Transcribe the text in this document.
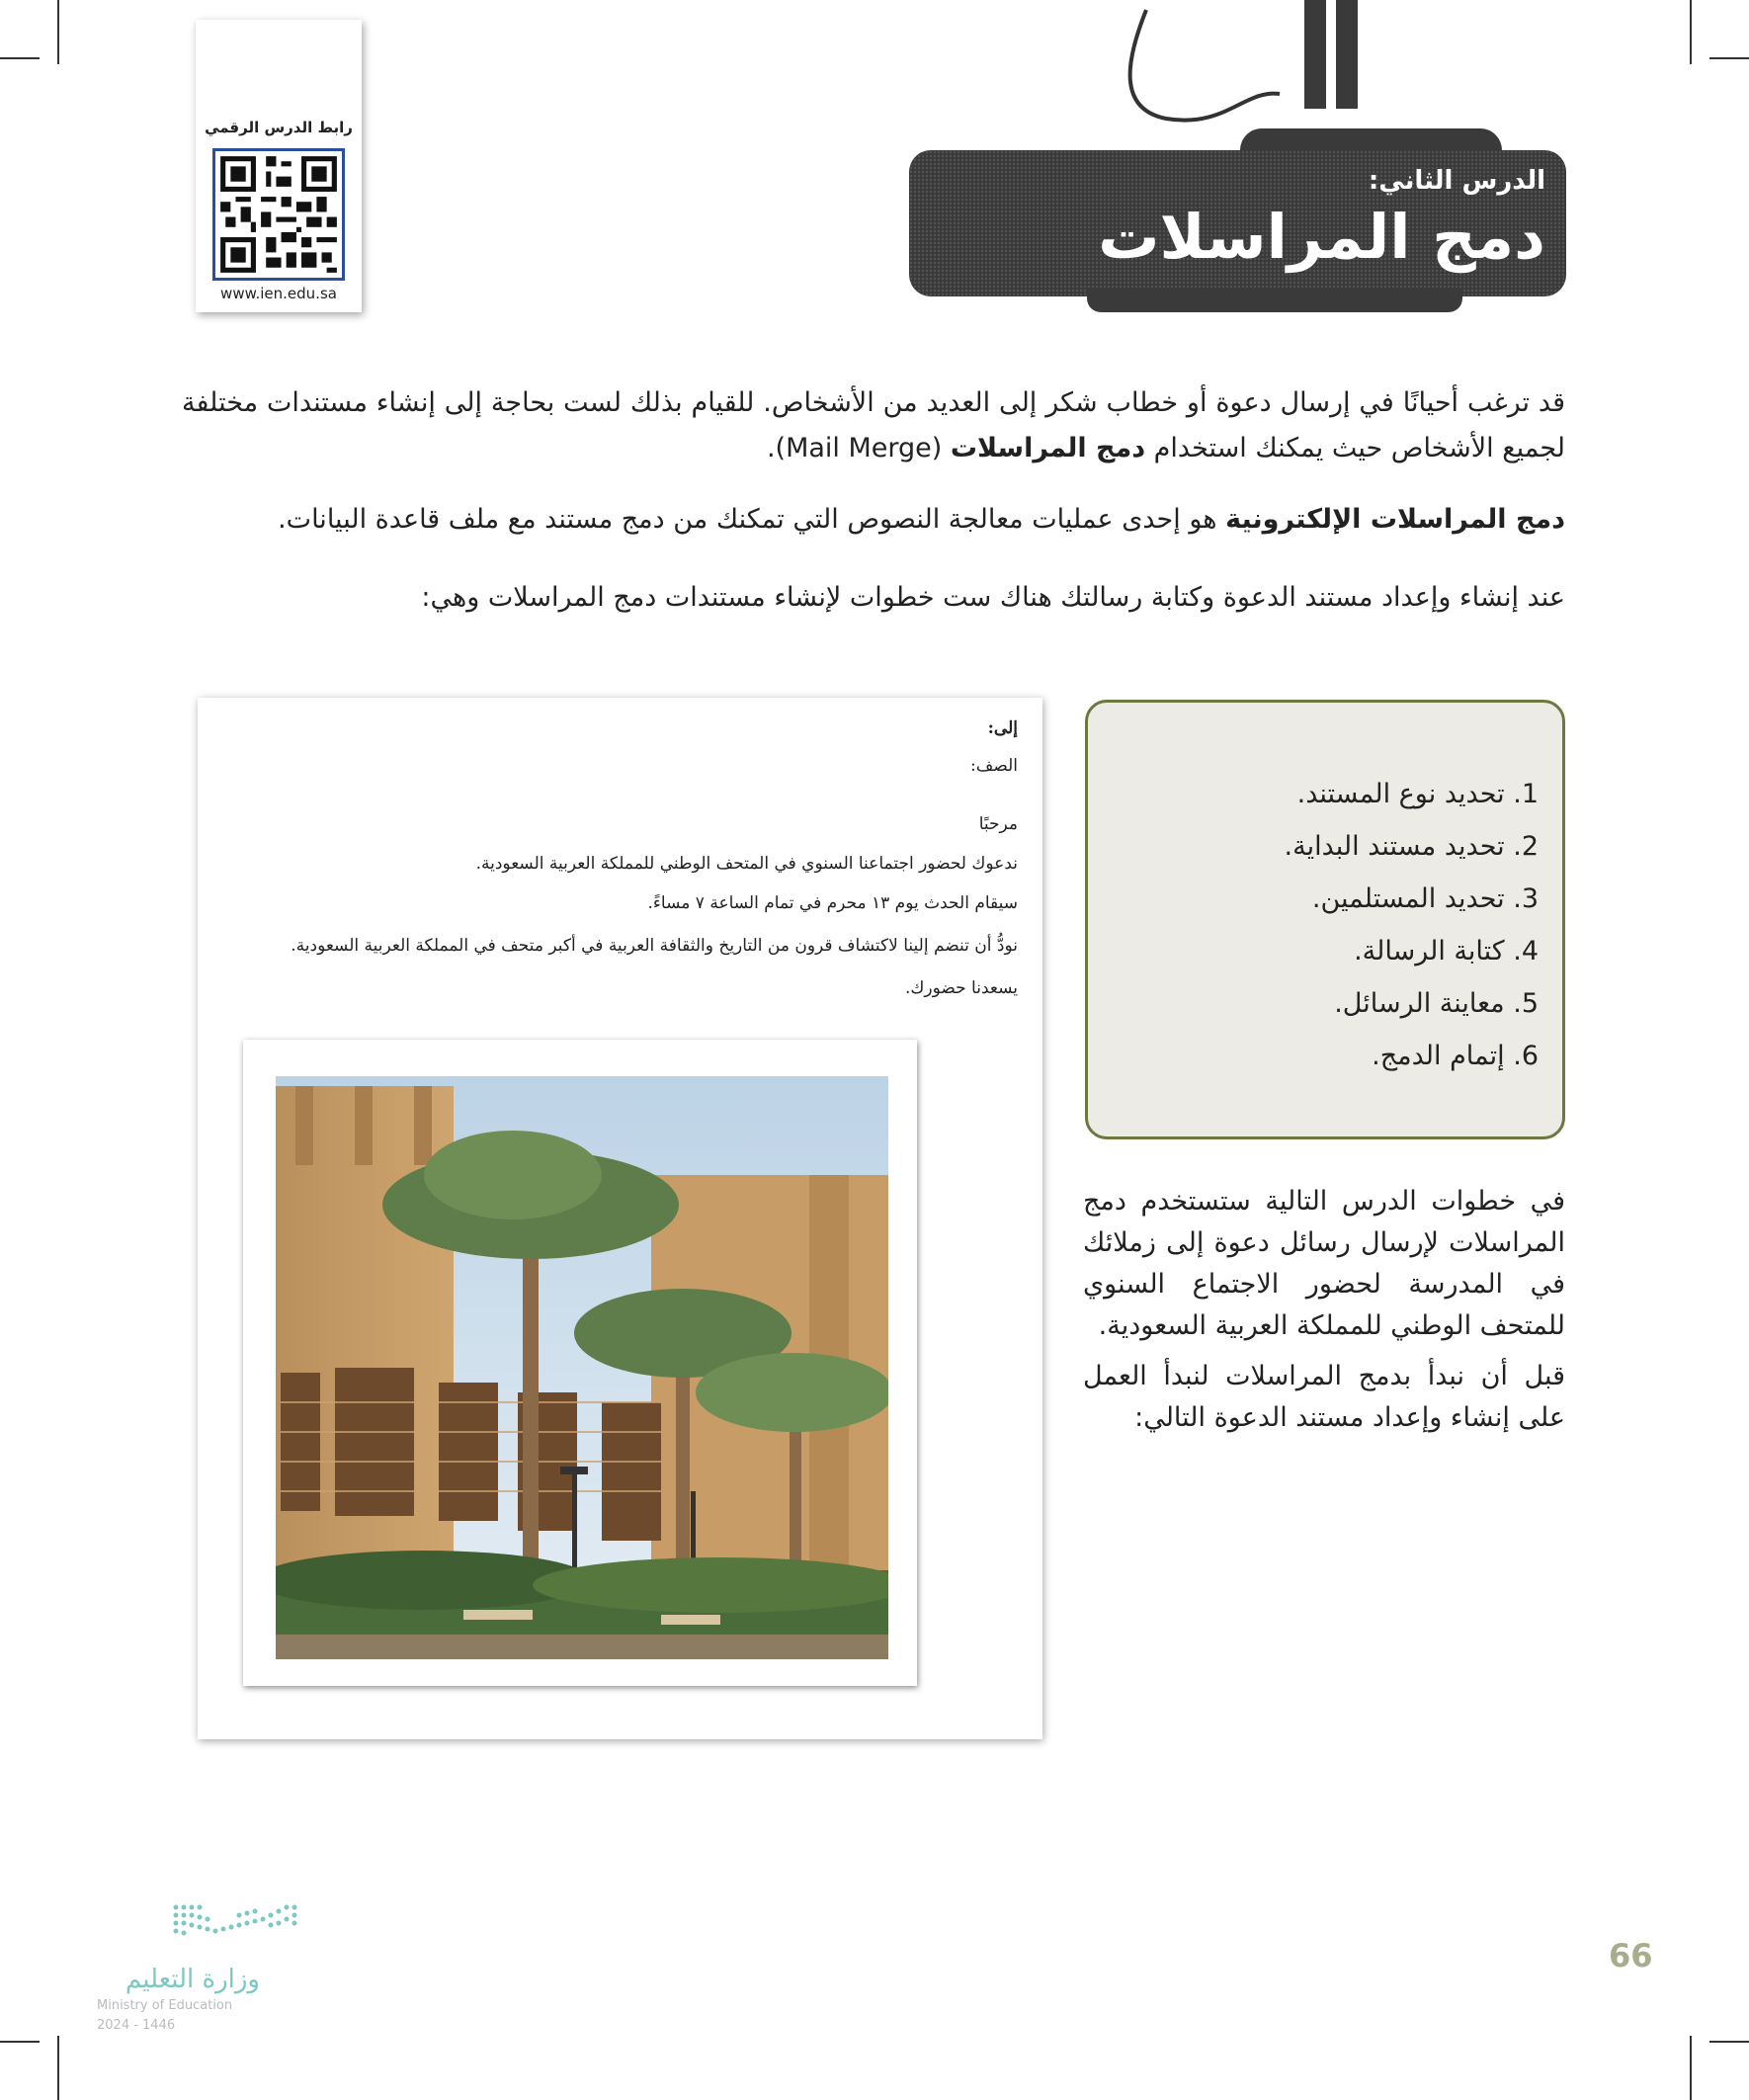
رابط الدرس الرقمي
www.ien.edu.sa
الدرس الثاني:
دمج المراسلات
قد ترغب أحيانًا في إرسال دعوة أو خطاب شكر إلى العديد من الأشخاص. للقيام بذلك لست بحاجة إلى إنشاء مستندات مختلفة لجميع الأشخاص حيث يمكنك استخدام دمج المراسلات (Mail Merge).
دمج المراسلات الإلكترونية هو إحدى عمليات معالجة النصوص التي تمكنك من دمج مستند مع ملف قاعدة البيانات.
عند إنشاء وإعداد مستند الدعوة وكتابة رسالتك هناك ست خطوات لإنشاء مستندات دمج المراسلات وهي:
1. تحديد نوع المستند.
2. تحديد مستند البداية.
3. تحديد المستلمين.
4. كتابة الرسالة.
5. معاينة الرسائل.
6. إتمام الدمج.
في خطوات الدرس التالية ستستخدم دمج المراسلات لإرسال رسائل دعوة إلى زملائك في المدرسة لحضور الاجتماع السنوي للمتحف الوطني للمملكة العربية السعودية.
قبل أن نبدأ بدمج المراسلات لنبدأ العمل على إنشاء وإعداد مستند الدعوة التالي:
إلى:
الصف:
مرحبًا
ندعوك لحضور اجتماعنا السنوي في المتحف الوطني للمملكة العربية السعودية.
سيقام الحدث يوم ١٣ محرم في تمام الساعة ٧ مساءً.
نودُّ أن تنضم إلينا لاكتشاف قرون من التاريخ والثقافة العربية في أكبر متحف في المملكة العربية السعودية.
يسعدنا حضورك.
66
وزارة التعليم
Ministry of Education
2024 - 1446
